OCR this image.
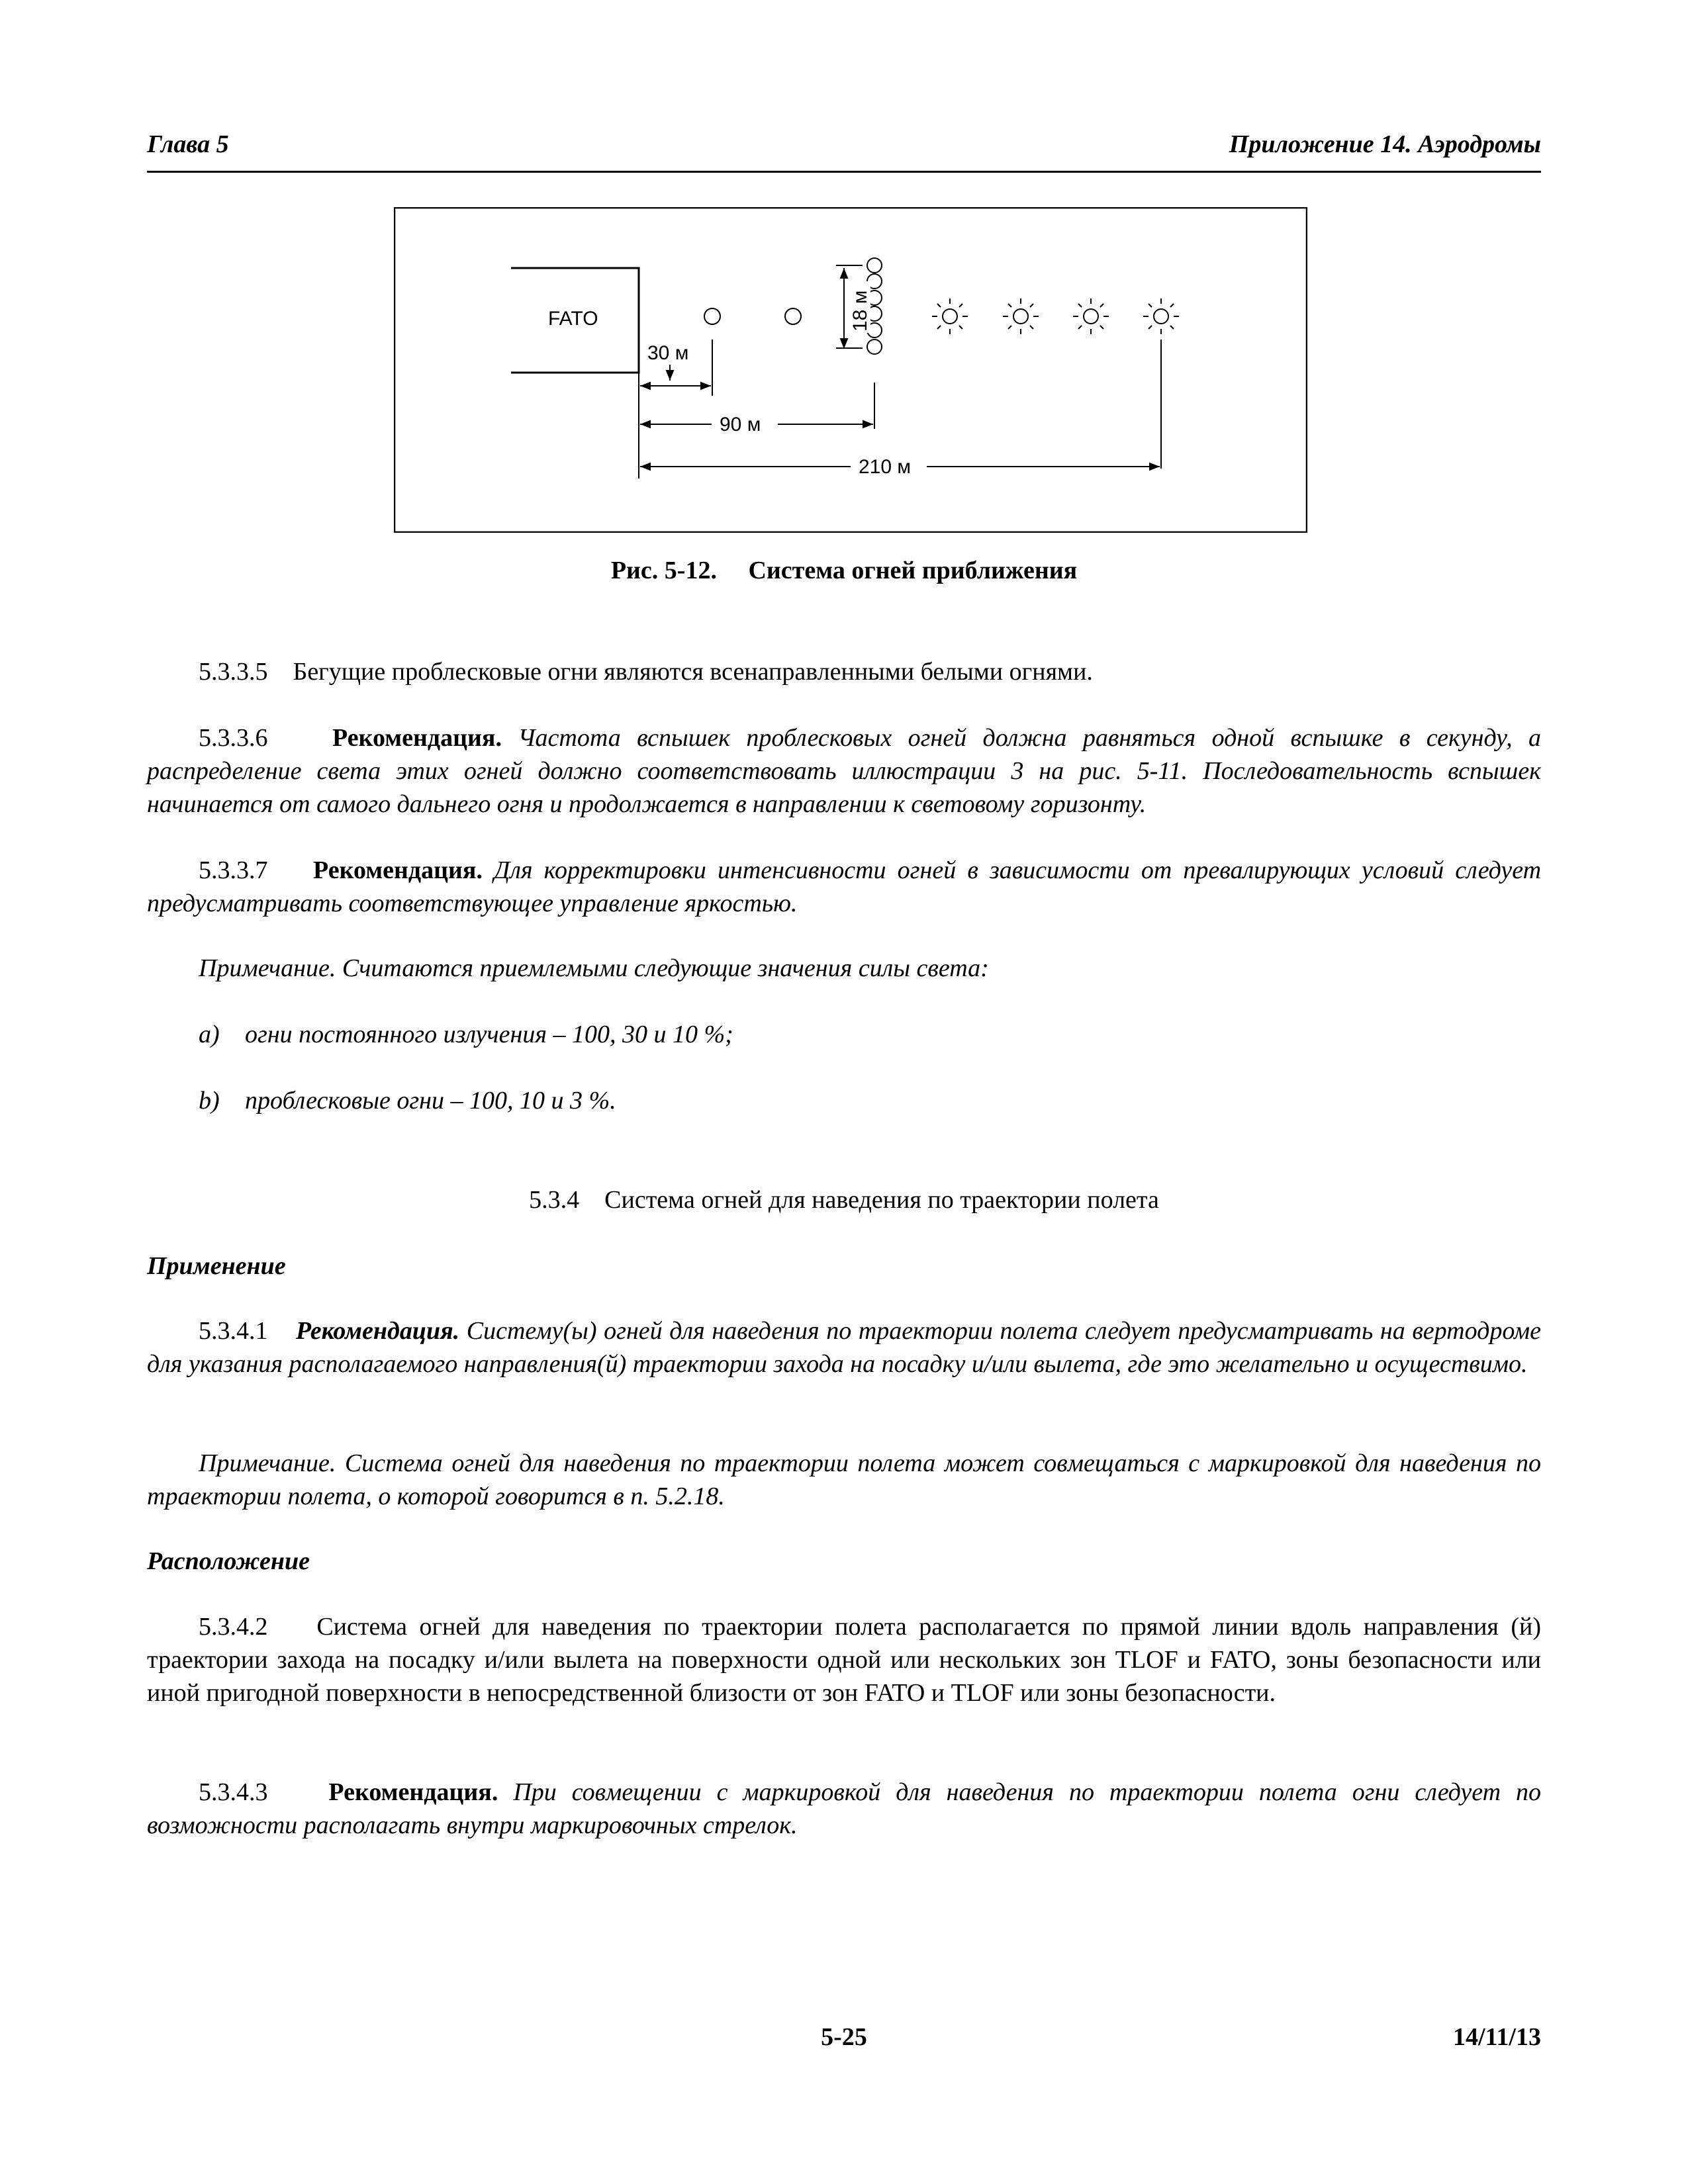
Глава 5	Приложение 14. Аэродромы
FATO	18 м
30 м
90 м
210 м
Рис. 5-12. Система огней приближения
5.3.3.5 Бегущие проблесковые огни являются всенаправленными белыми огнями.
5.3.3.6	Рекомендация. Частота вспышек проблесковых огней должна равняться одной вспышке в секунду, а распределение света этих огней должно соответствовать иллюстрации 3 на рис. 5-11. Последовательность вспышек начинается от самого дальнего огня и продолжается в направлении к световому горизонту.
5.3.3.7 Рекомендация. Для корректировки интенсивности огней в зависимости от превалирующих условий следует предусматривать соответствующее управление яркостью.
Примечание. Считаются приемлемыми следующие значения силы света:
a) огни постоянного излучения – 100, 30 и 10 %;
b) проблесковые огни – 100, 10 и 3 %.
5.3.4    Система огней для наведения по траектории полета
Применение
5.3.4.1 Рекомендация. Систему(ы) огней для наведения по траектории полета следует предусматривать на вертодроме для указания располагаемого направления(й) траектории захода на посадку и/или вылета, где это желательно и осуществимо.
Примечание. Система огней для наведения по траектории полета может совмещаться с маркировкой для наведения по траектории полета, о которой говорится в п. 5.2.18.
Расположение
5.3.4.2 Система огней для наведения по траектории полета располагается по прямой линии вдоль направления (й) траектории захода на посадку и/или вылета на поверхности одной или нескольких зон TLOF и FATO, зоны безопасности или иной пригодной поверхности в непосредственной близости от зон FATO и TLOF или зоны безопасности.
5.3.4.3 Рекомендация. При совмещении с маркировкой для наведения по траектории полета огни следует по возможности располагать внутри маркировочных стрелок.
5-25	14/11/13
